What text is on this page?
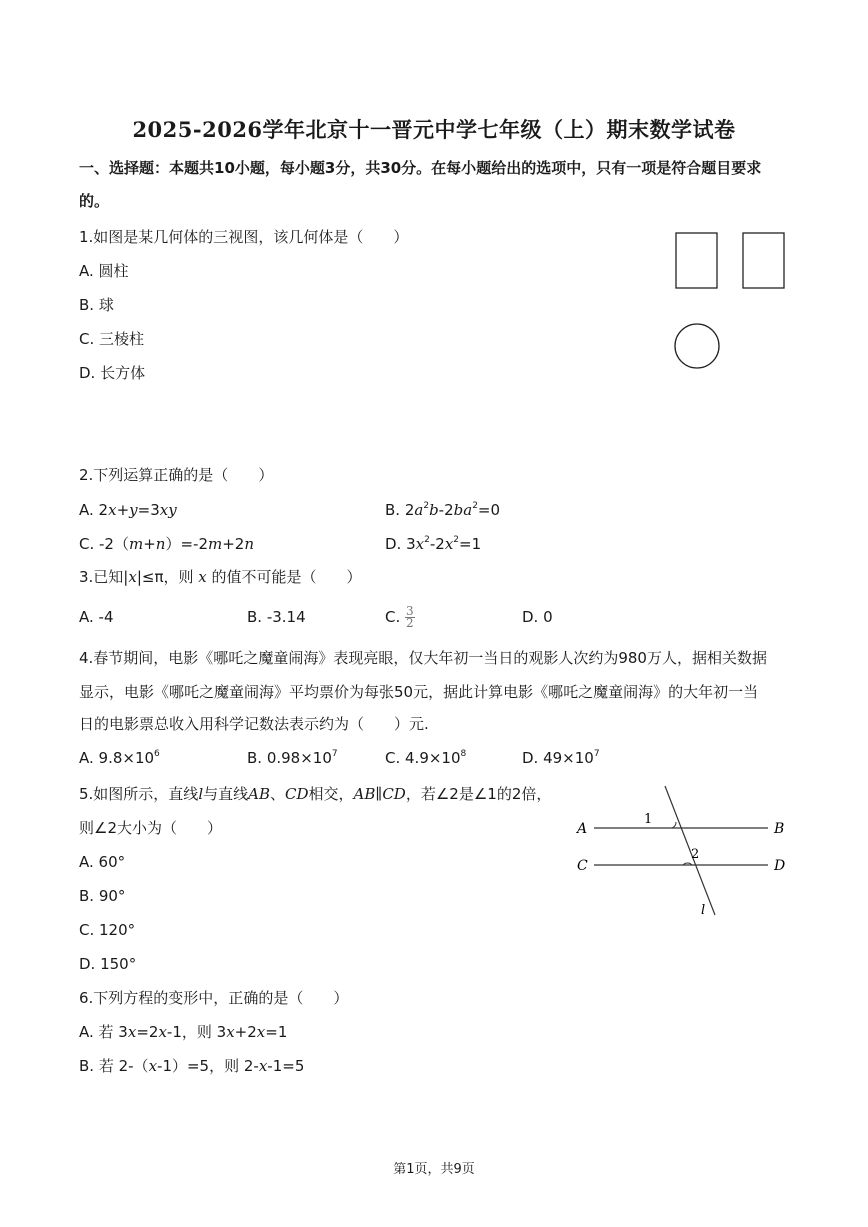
2025-2026学年北京十一晋元中学七年级（上）期末数学试卷
一、选择题：本题共10小题，每小题3分，共30分。在每小题给出的选项中，只有一项是符合题目要求
的。
1.如图是某几何体的三视图，该几何体是（　　）
A. 圆柱
B. 球
C. 三棱柱
D. 长方体
2.下列运算正确的是（　　）
A. 2x+y=3xy	B. $2a^2b-2ba^2=0$
C. -2（m+n）=-2m+2n	D. $3x^2-2x^2=1$
3.已知|x|≤π，则 x 的值不可能是（　　）
A. -4	B. -3.14	C. $\frac{3}{2}$	D. 0
4.春节期间，电影《哪吒之魔童闹海》表现亮眼，仅大年初一当日的观影人次约为980万人，据相关数据
显示，电影《哪吒之魔童闹海》平均票价为每张50元，据此计算电影《哪吒之魔童闹海》的大年初一当
日的电影票总收入用科学记数法表示约为（　　）元.
A. $9.8\times 10^6$	B. $0.98\times 10^7$	C. $4.9\times 10^8$	D. $49\times 10^7$
5.如图所示，直线l与直线AB、CD相交，AB∥CD，若∠2是∠1的2倍，
则∠2大小为（　　）
A. 60°
B. 90°
C. 120°
D. 150°
A	B
C	D
l
1
2
6.下列方程的变形中，正确的是（　　）
A. 若 3x=2x-1，则 3x+2x=1
B. 若 2-（x-1）=5，则 2-x-1=5
第1页，共9页
